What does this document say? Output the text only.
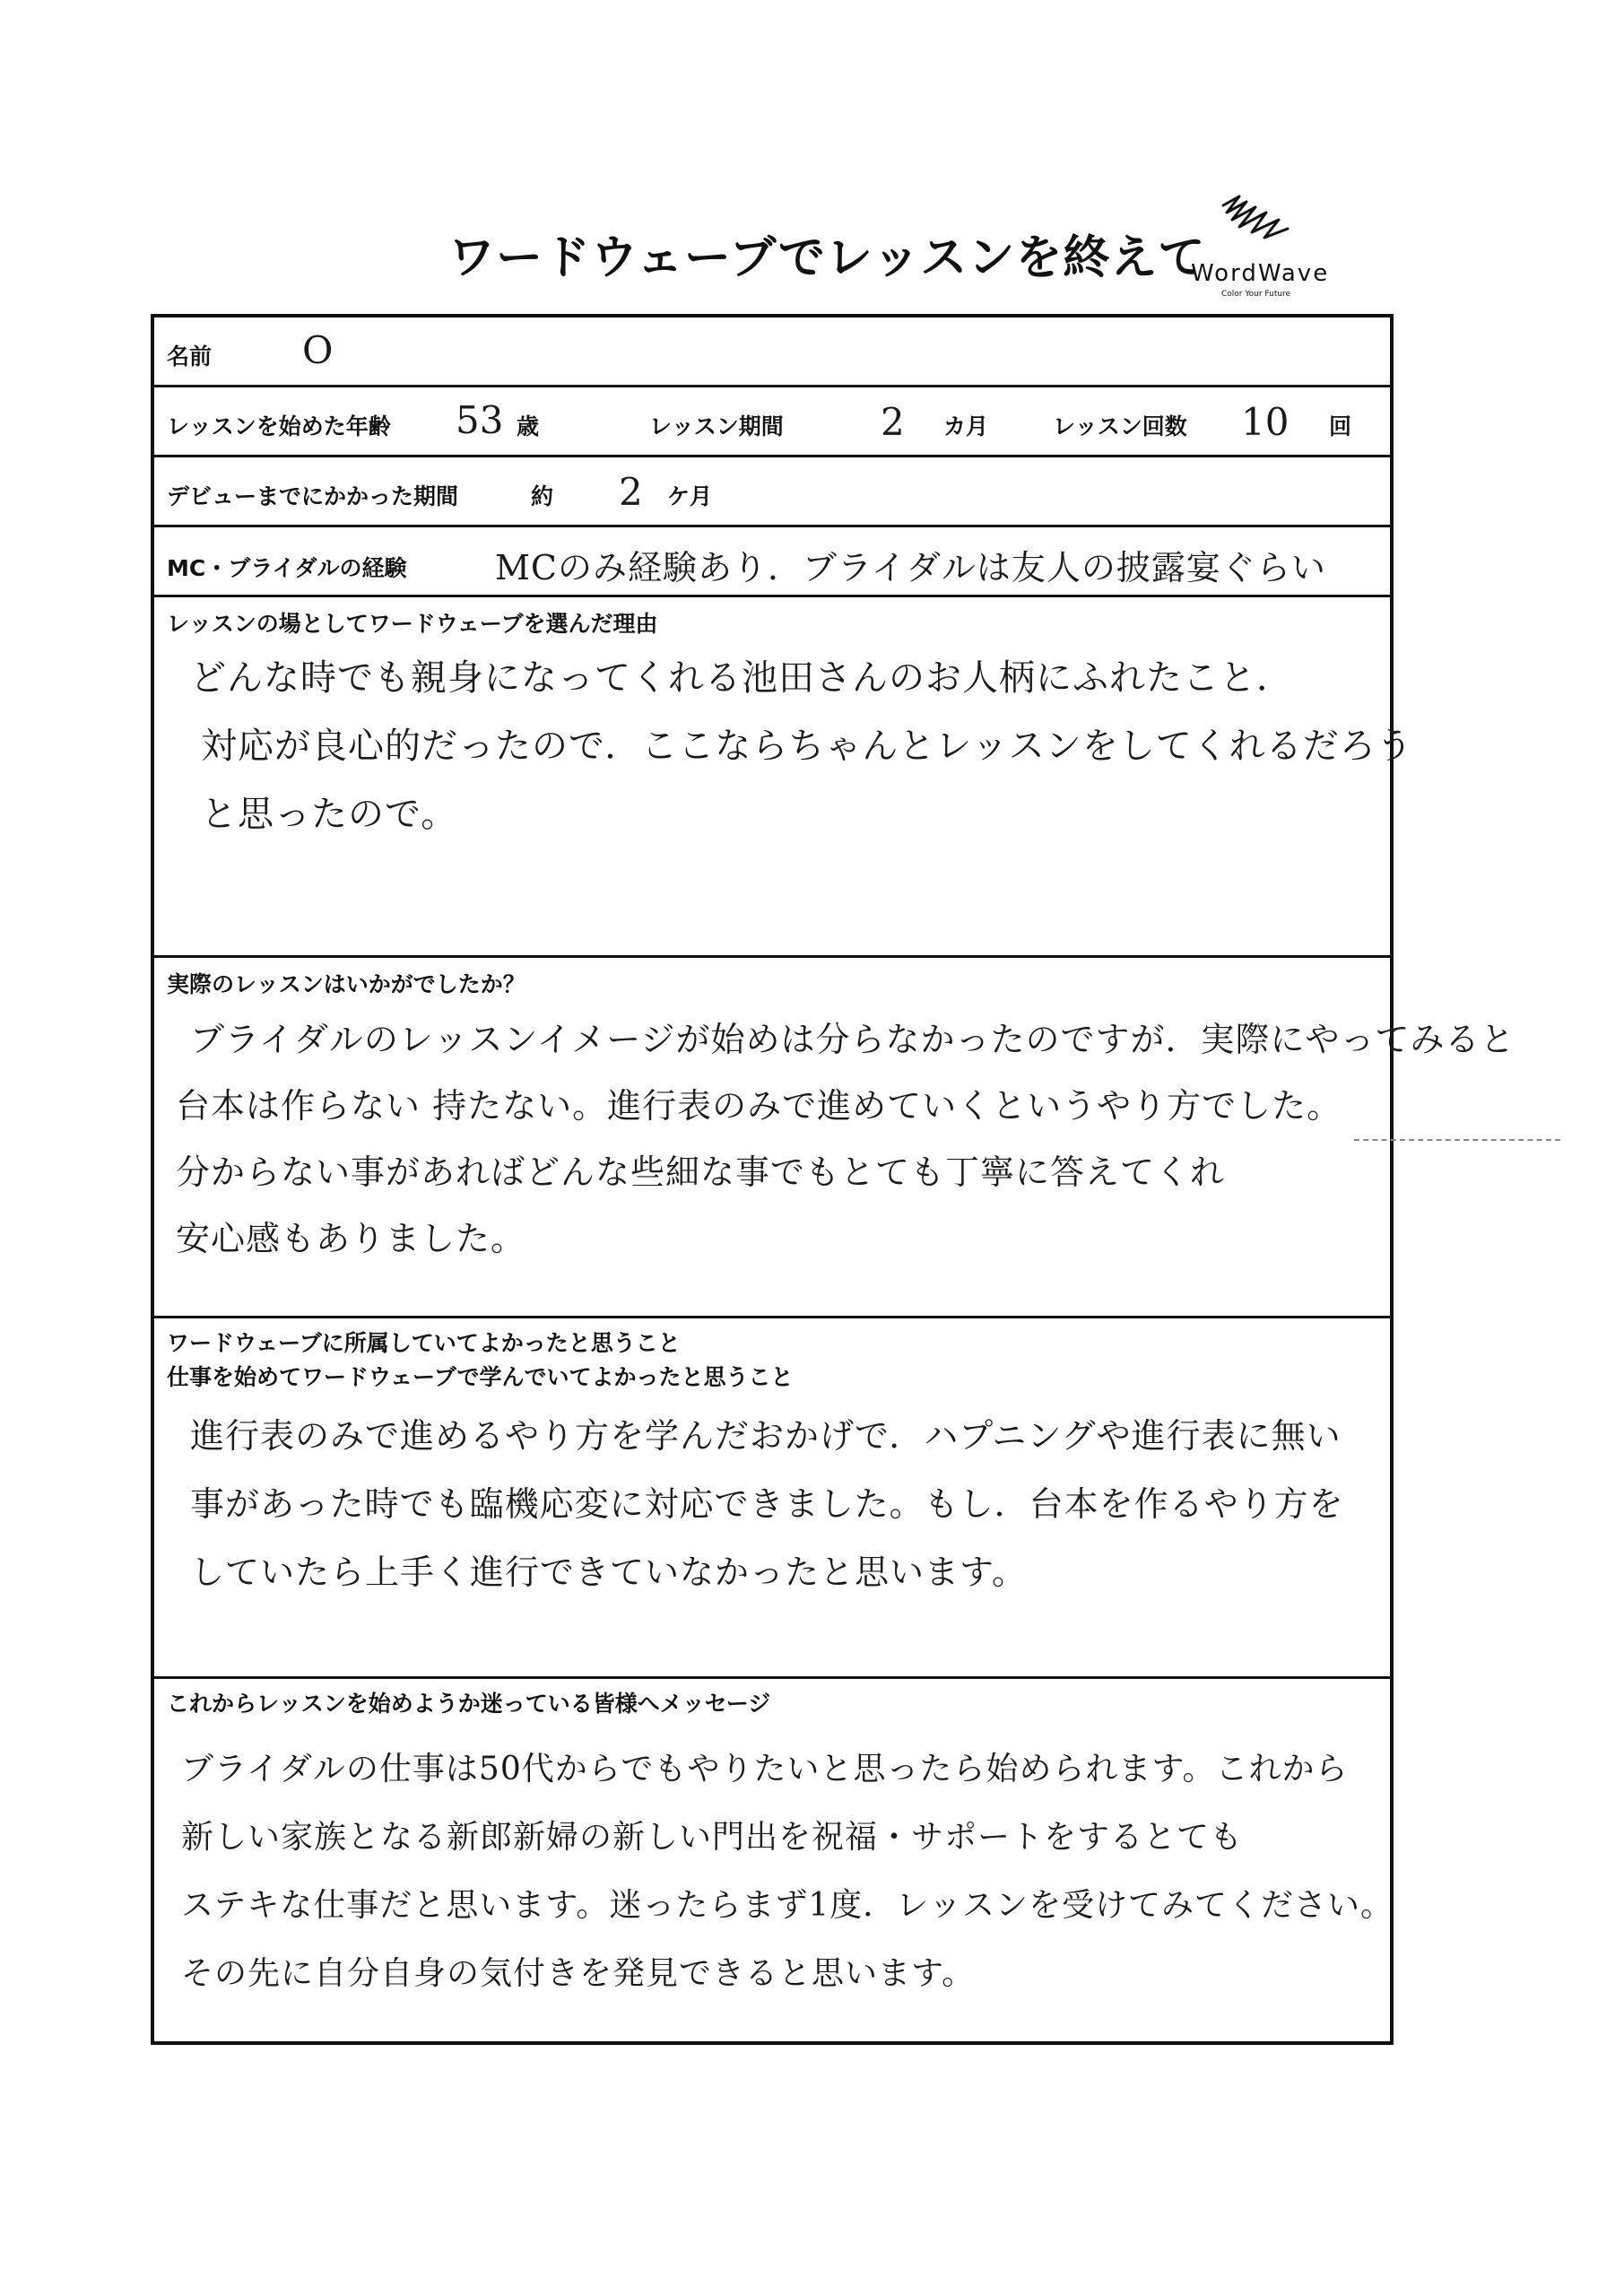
ワードウェーブでレッスンを終えて
WordWave
Color Your Future
名前 O
レッスンを始めた年齢 53 歳	レッスン期間	2 カ月	レッスン回数 10 回
デビューまでにかかった期間	約 2 ケ月
MC・ブライダルの経験	MCのみ経験あり．ブライダルは友人の披露宴ぐらい
レッスンの場としてワードウェーブを選んだ理由
どんな時でも親身になってくれる池田さんのお人柄にふれたこと．
対応が良心的だったので．ここならちゃんとレッスンをしてくれるだろう
と思ったので。
実際のレッスンはいかがでしたか？
ブライダルのレッスンイメージが始めは分らなかったのですが．実際にやってみると
台本は作らない 持たない。進行表のみで進めていくというやり方でした。
分からない事があればどんな些細な事でもとても丁寧に答えてくれ
安心感もありました。
ワードウェーブに所属していてよかったと思うこと
仕事を始めてワードウェーブで学んでいてよかったと思うこと
進行表のみで進めるやり方を学んだおかげで．ハプニングや進行表に無い
事があった時でも臨機応変に対応できました。もし．台本を作るやり方を
していたら上手く進行できていなかったと思います。
これからレッスンを始めようか迷っている皆様へメッセージ
ブライダルの仕事は50代からでもやりたいと思ったら始められます。これから
新しい家族となる新郎新婦の新しい門出を祝福・サポートをするとても
ステキな仕事だと思います。迷ったらまず1度．レッスンを受けてみてください。
その先に自分自身の気付きを発見できると思います。
